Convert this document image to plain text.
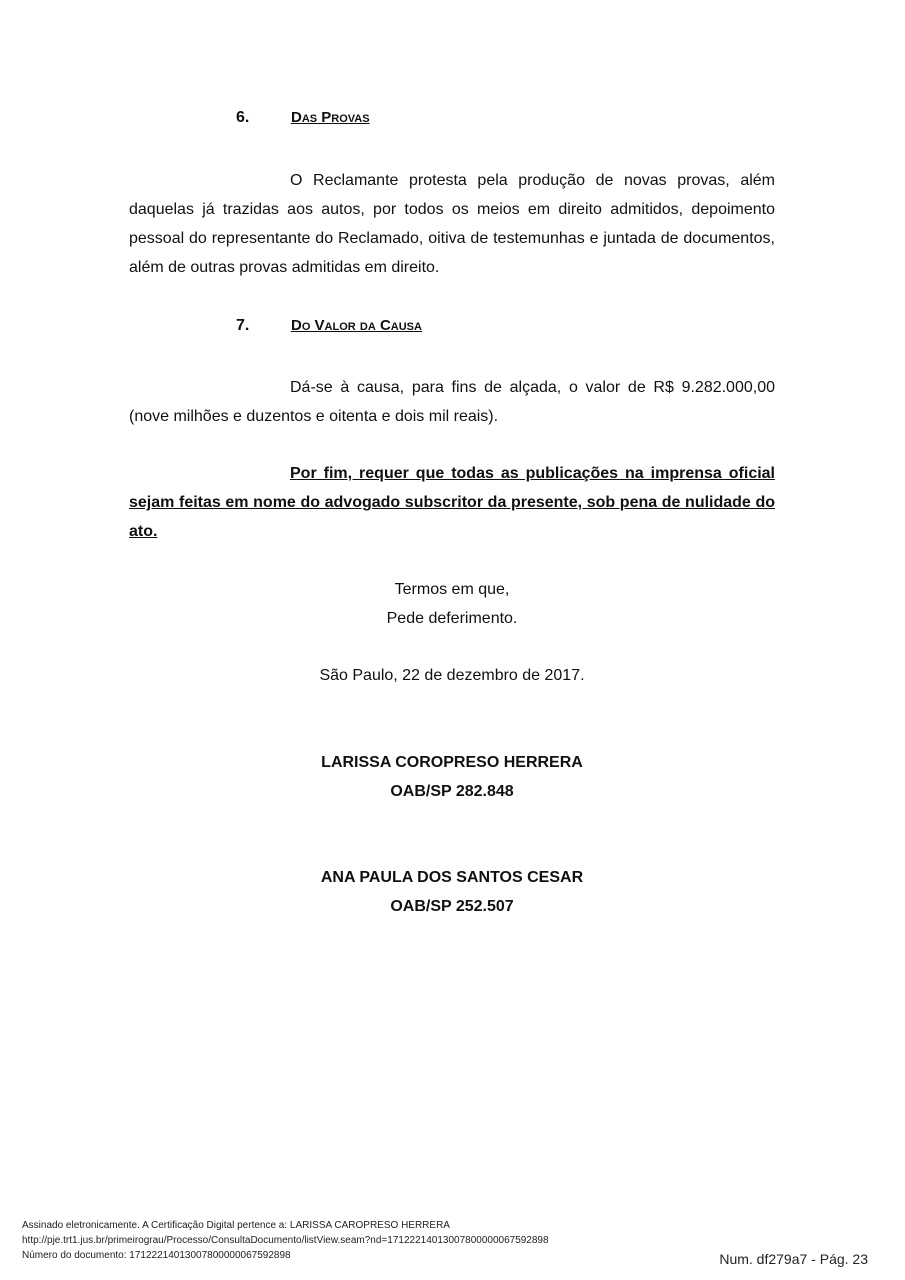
6.	Das Provas
O Reclamante protesta pela produção de novas provas, além daquelas já trazidas aos autos, por todos os meios em direito admitidos, depoimento pessoal do representante do Reclamado, oitiva de testemunhas e juntada de documentos, além de outras provas admitidas em direito.
7.	Do Valor da Causa
Dá-se à causa, para fins de alçada, o valor de R$ 9.282.000,00 (nove milhões e duzentos e oitenta e dois mil reais).
Por fim, requer que todas as publicações na imprensa oficial sejam feitas em nome do advogado subscritor da presente, sob pena de nulidade do ato.
Termos em que,
Pede deferimento.
São Paulo, 22 de dezembro de 2017.
LARISSA COROPRESO HERRERA
OAB/SP 282.848
ANA PAULA DOS SANTOS CESAR
OAB/SP 252.507
Assinado eletronicamente. A Certificação Digital pertence a: LARISSA CAROPRESO HERRERA
http://pje.trt1.jus.br/primeirograu/Processo/ConsultaDocumento/listView.seam?nd=17122214013007800000067592898
Número do documento: 17122214013007800000067592898	Num. df279a7 - Pág. 23
